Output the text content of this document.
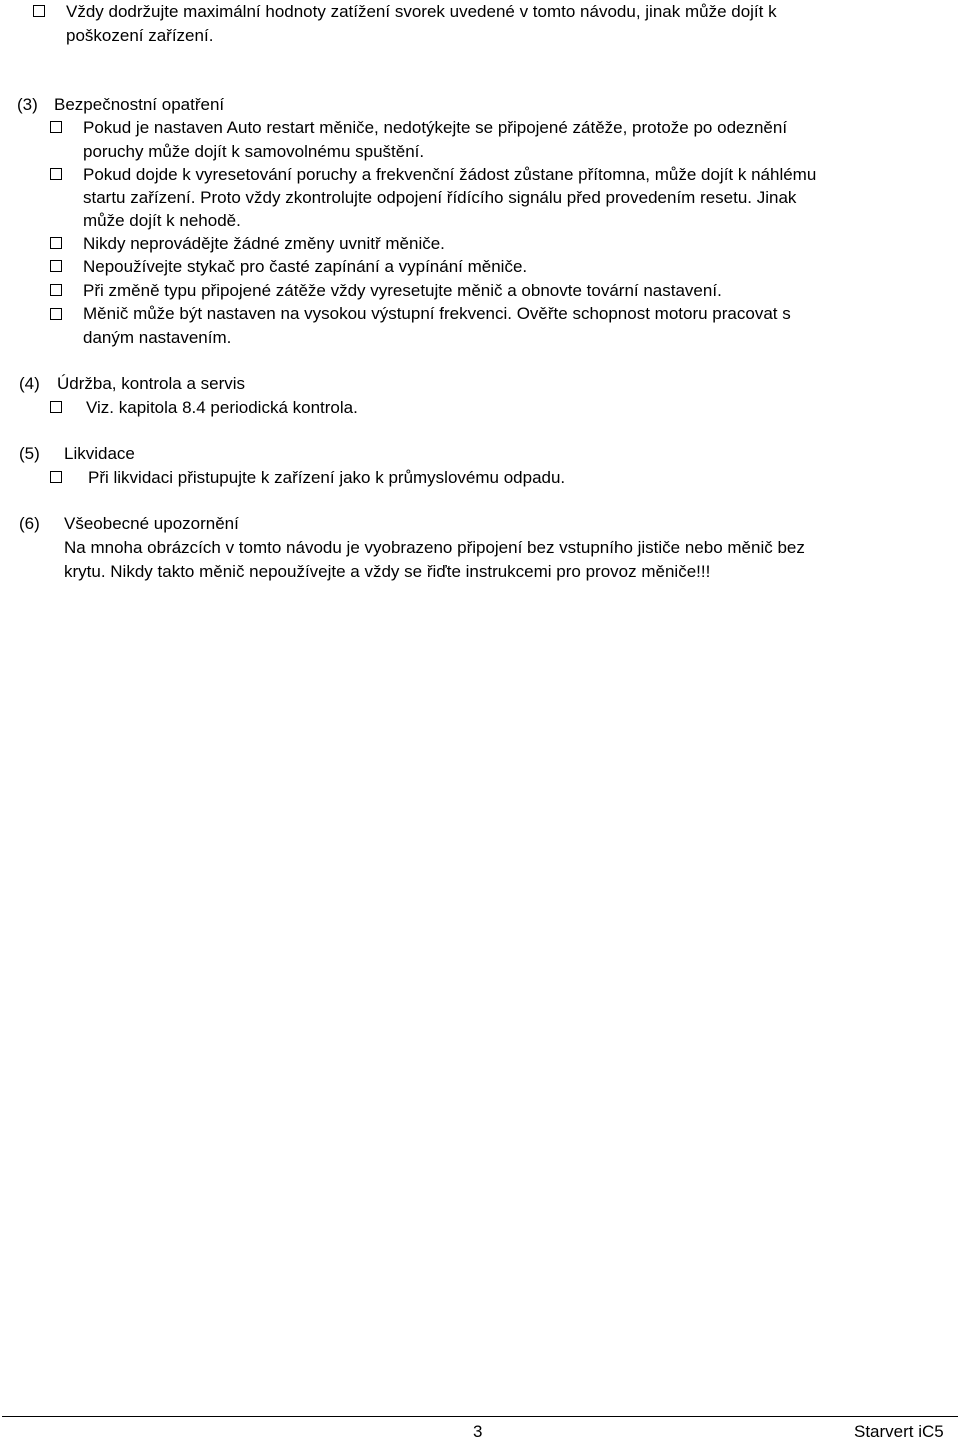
Vždy dodržujte maximální hodnoty zatížení svorek uvedené v tomto návodu, jinak může dojít k
poškození zařízení.
(3) Bezpečnostní opatření
Pokud je nastaven Auto restart měniče, nedotýkejte se připojené zátěže, protože po odeznění
poruchy může dojít k samovolnému spuštění.
Pokud dojde k vyresetování poruchy a frekvenční žádost zůstane přítomna, může dojít k náhlému
startu zařízení. Proto vždy zkontrolujte odpojení řídícího signálu před provedením resetu. Jinak
může dojít k nehodě.
Nikdy neprovádějte žádné změny uvnitř měniče.
Nepoužívejte stykač pro časté zapínání a vypínání měniče.
Při změně typu připojené zátěže vždy vyresetujte měnič a obnovte tovární nastavení.
Měnič může být nastaven na vysokou výstupní frekvenci. Ověřte schopnost motoru pracovat s
daným nastavením.
(4) Údržba, kontrola a servis
Viz. kapitola 8.4 periodická kontrola.
(5) Likvidace
Při likvidaci přistupujte k zařízení jako k průmyslovému odpadu.
(6) Všeobecné upozornění
Na mnoha obrázcích v tomto návodu je vyobrazeno připojení bez vstupního jističe nebo měnič bez
krytu. Nikdy takto měnič nepoužívejte a vždy se řiďte instrukcemi pro provoz měniče!!!
3	Starvert iC5
